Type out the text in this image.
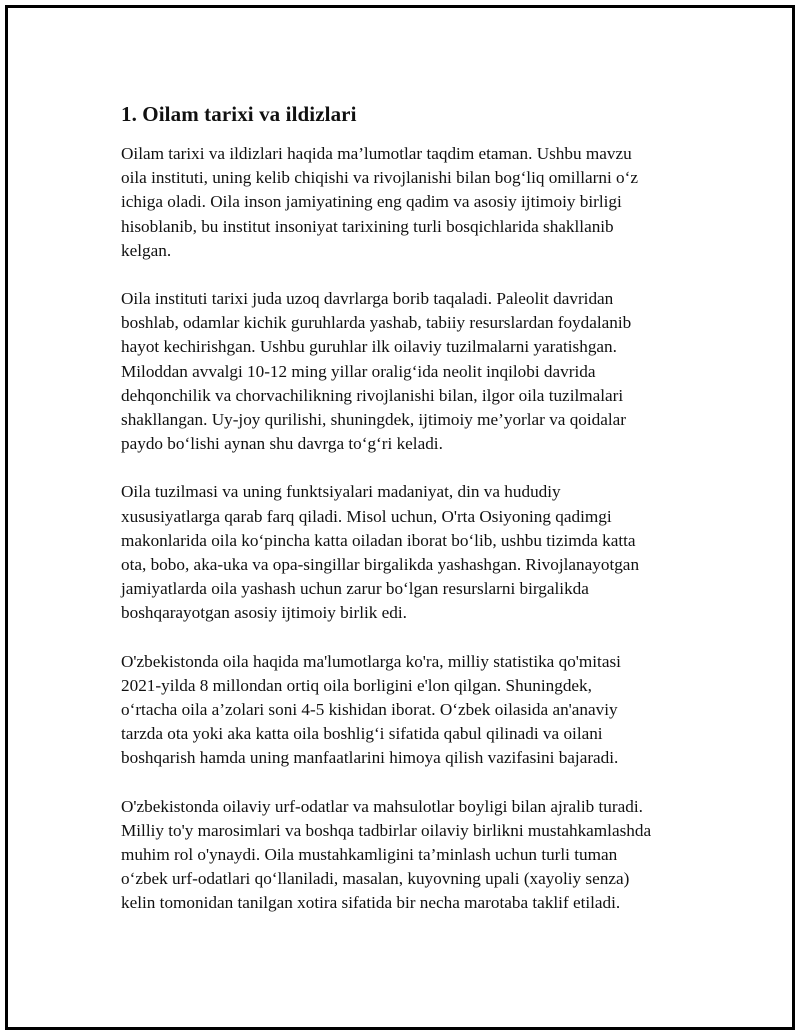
1. Oilam tarixi va ildizlari

Oilam tarixi va ildizlari haqida ma’lumotlar taqdim etaman. Ushbu mavzu
oila instituti, uning kelib chiqishi va rivojlanishi bilan bog‘liq omillarni o‘z
ichiga oladi. Oila inson jamiyatining eng qadim va asosiy ijtimoiy birligi
hisoblanib, bu institut insoniyat tarixining turli bosqichlarida shakllanib
kelgan.

Oila instituti tarixi juda uzoq davrlarga borib taqaladi. Paleolit davridan
boshlab, odamlar kichik guruhlarda yashab, tabiiy resurslardan foydalanib
hayot kechirishgan. Ushbu guruhlar ilk oilaviy tuzilmalarni yaratishgan.
Miloddan avvalgi 10-12 ming yillar oralig‘ida neolit inqilobi davrida
dehqonchilik va chorvachilikning rivojlanishi bilan, ilgor oila tuzilmalari
shakllangan. Uy-joy qurilishi, shuningdek, ijtimoiy me’yorlar va qoidalar
paydo bo‘lishi aynan shu davrga to‘g‘ri keladi.

Oila tuzilmasi va uning funktsiyalari madaniyat, din va hududiy
xususiyatlarga qarab farq qiladi. Misol uchun, O'rta Osiyoning qadimgi
makonlarida oila ko‘pincha katta oiladan iborat bo‘lib, ushbu tizimda katta
ota, bobo, aka-uka va opa-singillar birgalikda yashashgan. Rivojlanayotgan
jamiyatlarda oila yashash uchun zarur bo‘lgan resurslarni birgalikda
boshqarayotgan asosiy ijtimoiy birlik edi.

O'zbekistonda oila haqida ma'lumotlarga ko'ra, milliy statistika qo'mitasi
2021-yilda 8 millondan ortiq oila borligini e'lon qilgan. Shuningdek,
o‘rtacha oila a’zolari soni 4-5 kishidan iborat. O‘zbek oilasida an'anaviy
tarzda ota yoki aka katta oila boshlig‘i sifatida qabul qilinadi va oilani
boshqarish hamda uning manfaatlarini himoya qilish vazifasini bajaradi.

O'zbekistonda oilaviy urf-odatlar va mahsulotlar boyligi bilan ajralib turadi.
Milliy to'y marosimlari va boshqa tadbirlar oilaviy birlikni mustahkamlashda
muhim rol o'ynaydi. Oila mustahkamligini ta’minlash uchun turli tuman
o‘zbek urf-odatlari qo‘llaniladi, masalan, kuyovning upali (xayoliy senza)
kelin tomonidan tanilgan xotira sifatida bir necha marotaba taklif etiladi.
